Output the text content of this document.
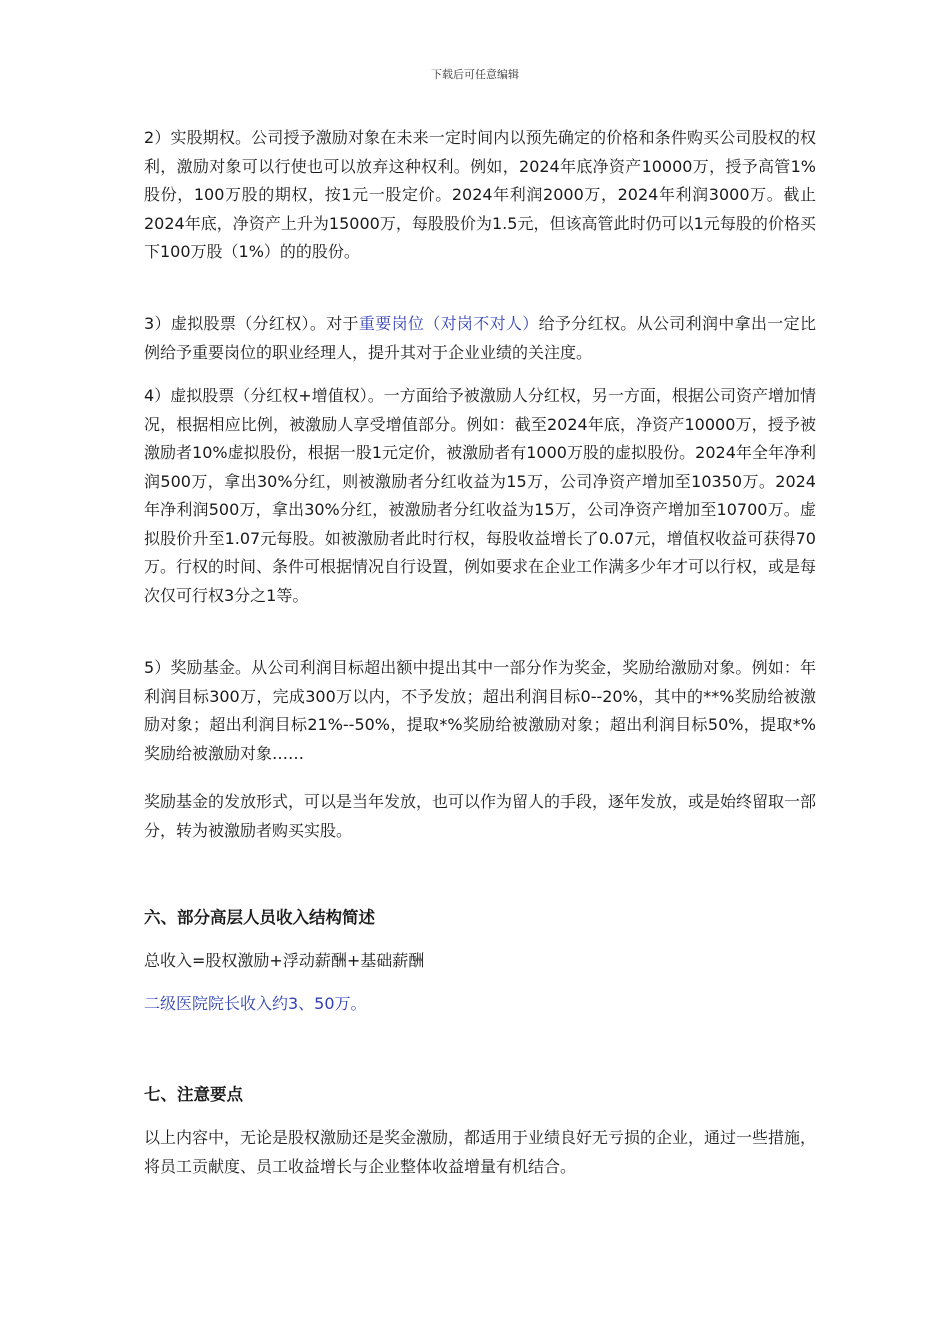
下载后可任意编辑

2）实股期权。公司授予激励对象在未来一定时间内以预先确定的价格和条件购买公司股权的权利，激励对象可以行使也可以放弃这种权利。例如，2024年底净资产10000万，授予高管1%股份，100万股的期权，按1元一股定价。2024年利润2000万，2024年利润3000万。截止2024年底，净资产上升为15000万，每股股价为1.5元，但该高管此时仍可以1元每股的价格买下100万股（1%）的的股份。

3）虚拟股票（分红权）。对于重要岗位（对岗不对人）给予分红权。从公司利润中拿出一定比例给予重要岗位的职业经理人，提升其对于企业业绩的关注度。

4）虚拟股票（分红权+增值权）。一方面给予被激励人分红权，另一方面，根据公司资产增加情况，根据相应比例，被激励人享受增值部分。例如：截至2024年底，净资产10000万，授予被激励者10%虚拟股份，根据一股1元定价，被激励者有1000万股的虚拟股份。2024年全年净利润500万，拿出30%分红，则被激励者分红收益为15万，公司净资产增加至10350万。2024年净利润500万，拿出30%分红，被激励者分红收益为15万，公司净资产增加至10700万。虚拟股价升至1.07元每股。如被激励者此时行权，每股收益增长了0.07元，增值权收益可获得70万。行权的时间、条件可根据情况自行设置，例如要求在企业工作满多少年才可以行权，或是每次仅可行权3分之1等。

5）奖励基金。从公司利润目标超出额中提出其中一部分作为奖金，奖励给激励对象。例如：年利润目标300万，完成300万以内，不予发放；超出利润目标0--20%，其中的**%奖励给被激励对象；超出利润目标21%--50%，提取*%奖励给被激励对象；超出利润目标50%，提取*%奖励给被激励对象……

奖励基金的发放形式，可以是当年发放，也可以作为留人的手段，逐年发放，或是始终留取一部分，转为被激励者购买实股。

六、部分高层人员收入结构简述

总收入=股权激励+浮动薪酬+基础薪酬

二级医院院长收入约3、50万。

七、注意要点

以上内容中，无论是股权激励还是奖金激励，都适用于业绩良好无亏损的企业，通过一些措施，将员工贡献度、员工收益增长与企业整体收益增量有机结合。
